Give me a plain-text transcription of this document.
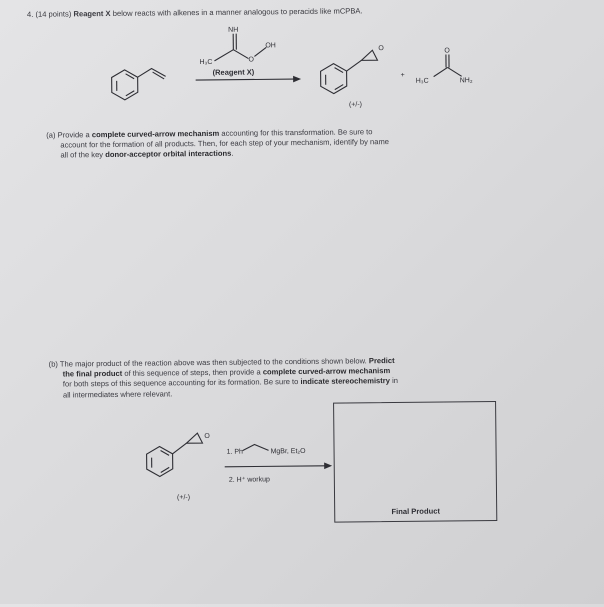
4. (14 points) Reagent X below reacts with alkenes in a manner analogous to peracids like mCPBA.
NH
H₃C	O
OH
(Reagent X)
O
(+/-)
+
O
H₃C	NH₂
(a) Provide a complete curved-arrow mechanism accounting for this transformation. Be sure to
account for the formation of all products. Then, for each step of your mechanism, identify by name
all of the key donor-acceptor orbital interactions.
(b) The major product of the reaction above was then subjected to the conditions shown below. Predict
the final product of this sequence of steps, then provide a complete curved-arrow mechanism
for both steps of this sequence accounting for its formation. Be sure to indicate stereochemistry in
all intermediates where relevant.
O
1. Ph	MgBr, Et₂O
2. H⁺ workup
(+/-)
Final Product
